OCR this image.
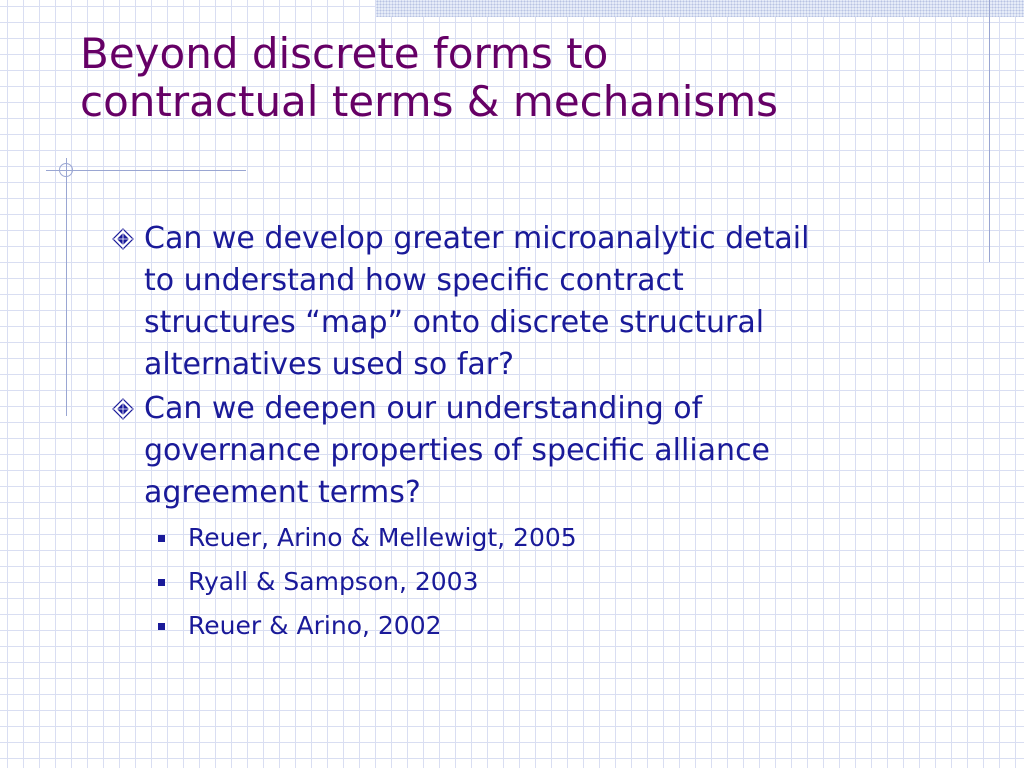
Beyond discrete forms to
contractual terms & mechanisms
Can we develop greater microanalytic detail
to understand how specific contract
structures “map” onto discrete structural
alternatives used so far?
Can we deepen our understanding of
governance properties of specific alliance
agreement terms?
Reuer, Arino & Mellewigt, 2005
Ryall & Sampson, 2003
Reuer & Arino, 2002
